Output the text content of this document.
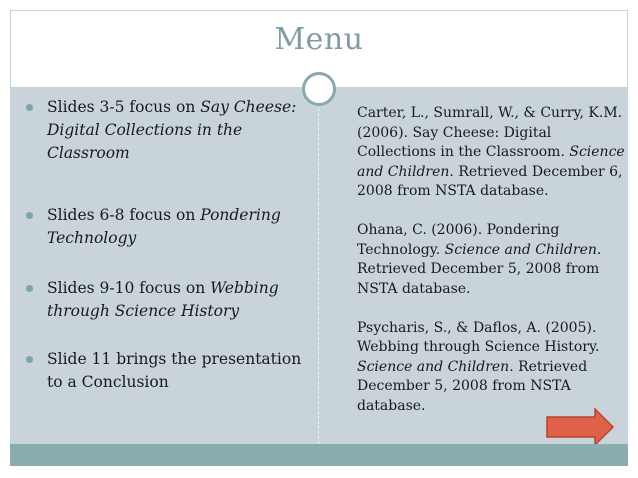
Menu
Slides 3-5 focus on Say Cheese: Digital Collections in the Classroom
Slides 6-8 focus on Pondering Technology
Slides 9-10 focus on Webbing through Science History
Slide 11 brings the presentation to a Conclusion
Carter, L., Sumrall, W., & Curry, K.M. (2006). Say Cheese: Digital Collections in the Classroom. Science and Children. Retrieved December 6, 2008 from NSTA database.
Ohana, C. (2006). Pondering Technology. Science and Children. Retrieved December 5, 2008 from NSTA database.
Psycharis, S., & Daflos, A. (2005). Webbing through Science History. Science and Children. Retrieved December 5, 2008 from NSTA database.
